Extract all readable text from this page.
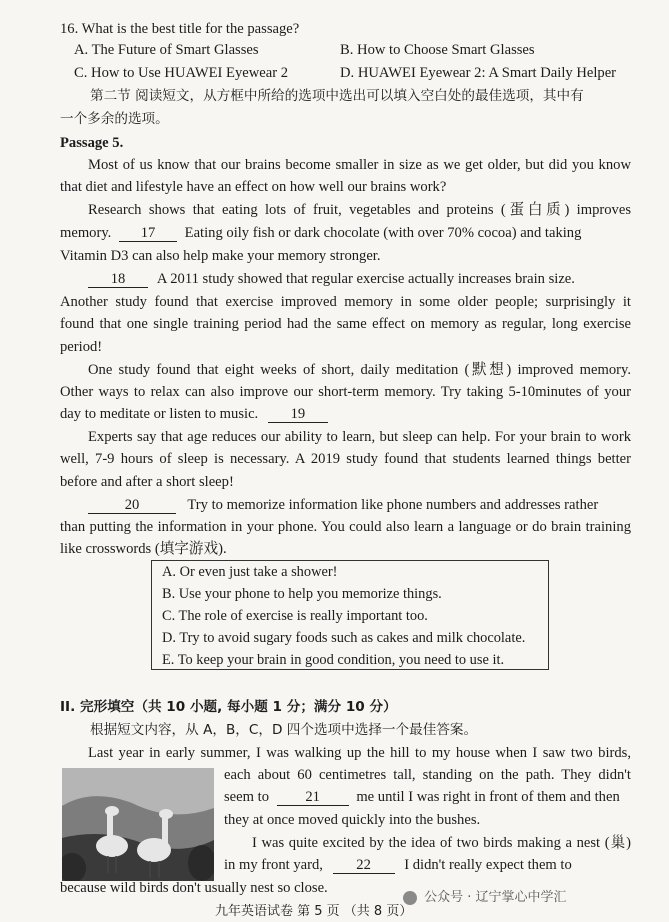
16. What is the best title for the passage?
A. The Future of Smart Glasses	B. How to Choose Smart Glasses
C. How to Use HUAWEI Eyewear 2	D. HUAWEI Eyewear 2: A Smart Daily Helper
第二节 阅读短文，从方框中所给的选项中选出可以填入空白处的最佳选项，其中有
一个多余的选项。
Passage 5.
Most of us know that our brains become smaller in size as we get older, but did you know
that diet and lifestyle have an effect on how well our brains work?
Research shows that eating lots of fruit, vegetables and proteins (蛋白质) improves
memory. 17 Eating oily fish or dark chocolate (with over 70% cocoa) and taking
Vitamin D3 can also help make your memory stronger.
18 A 2011 study showed that regular exercise actually increases brain size.
Another study found that exercise improved memory in some older people; surprisingly it
found that one single training period had the same effect on memory as regular, long exercise
period!
One study found that eight weeks of short, daily meditation (默想) improved memory.
Other ways to relax can also improve our short-term memory. Try taking 5-10minutes of your
day to meditate or listen to music. 19
Experts say that age reduces our ability to learn, but sleep can help. For your brain to work
well, 7-9 hours of sleep is necessary. A 2019 study found that students learned things better
before and after a short sleep!
20	Try to memorize information like phone numbers and addresses rather
than putting the information in your phone. You could also learn a language or do brain training
like crosswords (填字游戏).
A. Or even just take a shower!
B. Use your phone to help you memorize things.
C. The role of exercise is really important too.
D. Try to avoid sugary foods such as cakes and milk chocolate.
E. To keep your brain in good condition, you need to use it.
II. 完形填空（共 10 小题, 每小题 1 分；满分 10 分）
根据短文内容，从 A，B，C，D 四个选项中选择一个最佳答案。
Last year in early summer, I was walking up the hill to my house when I saw two birds,
each about 60 centimetres tall, standing on the path. They didn't
seem to 21 me until I was right in front of them and then
they at once moved quickly into the bushes.
I was quite excited by the idea of two birds making a nest (巢)
in my front yard, 22 I didn't really expect them to
because wild birds don't usually nest so close.
公众号 · 辽宁掌心中学汇
九年英语试卷 第 5 页 （共 8 页）
